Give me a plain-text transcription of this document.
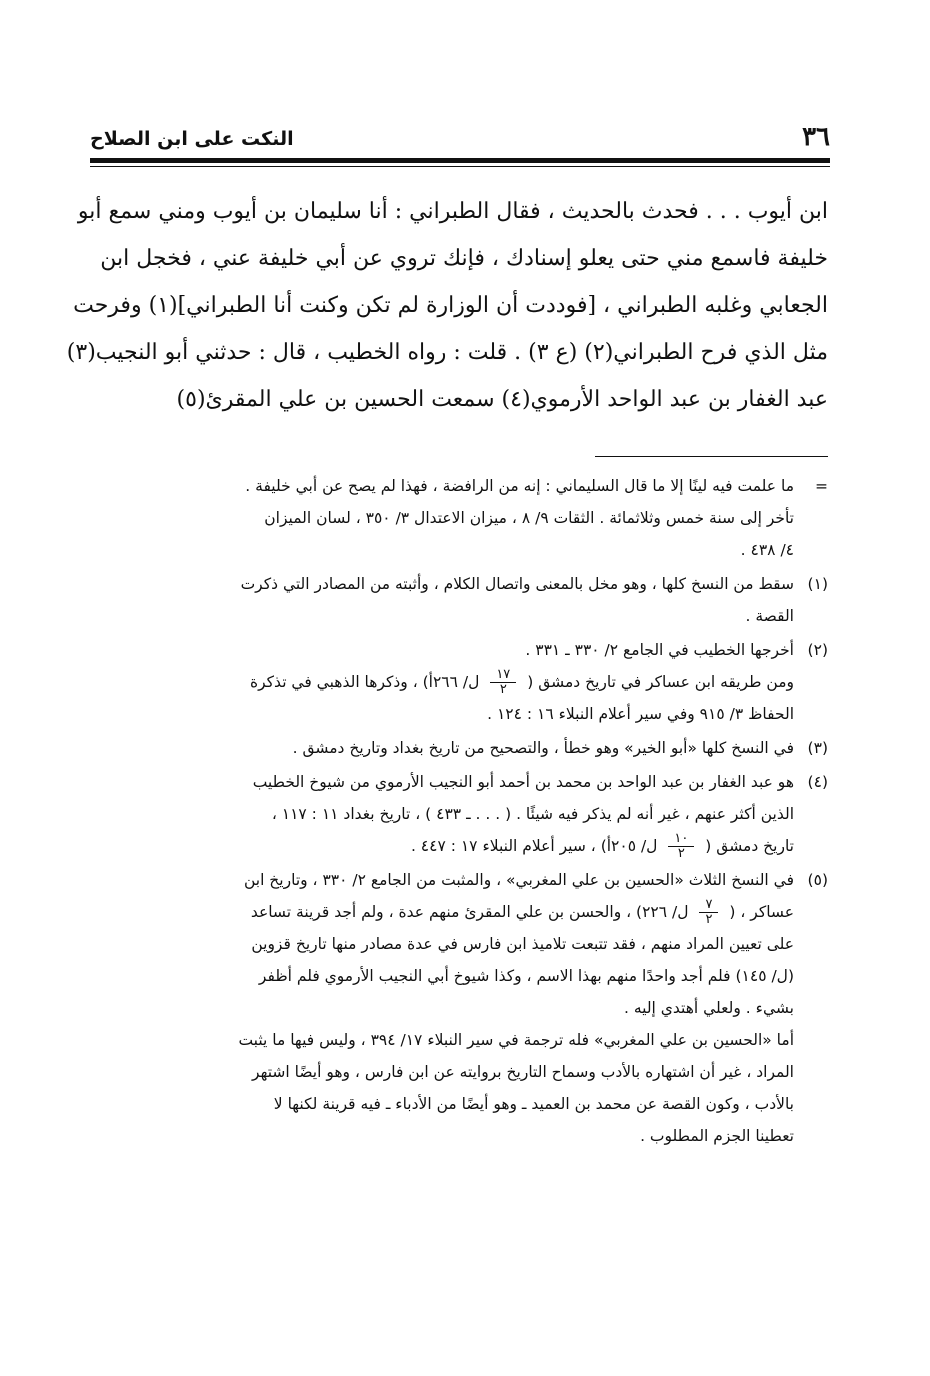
٣٦
النكت على ابن الصلاح
ابن أيوب . . . فحدث بالحديث ، فقال الطبراني : أنا سليمان بن أيوب ومني سمع أبو
خليفة فاسمع مني حتى يعلو إسنادك ، فإنك تروي عن أبي خليفة عني ، فخجل ابن
الجعابي وغلبه الطبراني ، [فوددت أن الوزارة لم تكن وكنت أنا الطبراني](١) وفرحت
مثل الذي فرح الطبراني(٢) (ع ٣) . قلت : رواه الخطيب ، قال : حدثني أبو النجيب(٣)
عبد الغفار بن عبد الواحد الأرموي(٤) سمعت الحسين بن علي المقرئ(٥)
=
ما علمت فيه لينًا إلا ما قال السليماني : إنه من الرافضة ، فهذا لم يصح عن أبي خليفة .
تأخر إلى سنة خمس وثلاثمائة . الثقات ٩/ ٨ ، ميزان الاعتدال ٣/ ٣٥٠ ، لسان الميزان
٤/ ٤٣٨ .
(١)
سقط من النسخ كلها ، وهو مخل بالمعنى واتصال الكلام ، وأثبته من المصادر التي ذكرت
القصة .
(٢)
أخرجها الخطيب في الجامع ٢/ ٣٣٠ ـ ٣٣١ .
ومن طريقه ابن عساكر في تاريخ دمشق (
$\frac{١٧}{٢}$
ل/ ٢٦٦أ) ، وذكرها الذهبي في تذكرة
الحفاظ ٣/ ٩١٥ وفي سير أعلام النبلاء ١٦ : ١٢٤ .
(٣)
في النسخ كلها «أبو الخير» وهو خطأ ، والتصحيح من تاريخ بغداد وتاريخ دمشق .
(٤)
هو عبد الغفار بن عبد الواحد بن محمد بن أحمد أبو النجيب الأرموي من شيوخ الخطيب
الذين أكثر عنهم ، غير أنه لم يذكر فيه شيئًا . ( . . . ـ ٤٣٣ ) ، تاريخ بغداد ١١ : ١١٧ ،
تاريخ دمشق (
$\frac{١٠}{٢}$
ل/ ٢٠٥أ) ، سير أعلام النبلاء ١٧ : ٤٤٧ .
(٥)
في النسخ الثلاث «الحسين بن علي المغربي» ، والمثبت من الجامع ٢/ ٣٣٠ ، وتاريخ ابن
عساكر ، (
$\frac{٧}{٢}$
ل/ ٢٢٦) ، والحسن بن علي المقرئ منهم عدة ، ولم أجد قرينة تساعد
على تعيين المراد منهم ، فقد تتبعت تلاميذ ابن فارس في عدة مصادر منها تاريخ قزوين
(ل/ ١٤٥) فلم أجد واحدًا منهم بهذا الاسم ، وكذا شيوخ أبي النجيب الأرموي فلم أظفر
بشيء . ولعلي أهتدي إليه .
أما «الحسين بن علي المغربي» فله ترجمة في سير النبلاء ١٧/ ٣٩٤ ، وليس فيها ما يثبت
المراد ، غير أن اشتهاره بالأدب وسماح التاريخ بروايته عن ابن فارس ، وهو أيضًا اشتهر
بالأدب ، وكون القصة عن محمد بن العميد ـ وهو أيضًا من الأدباء ـ فيه قرينة لكنها لا
تعطينا الجزم المطلوب .
